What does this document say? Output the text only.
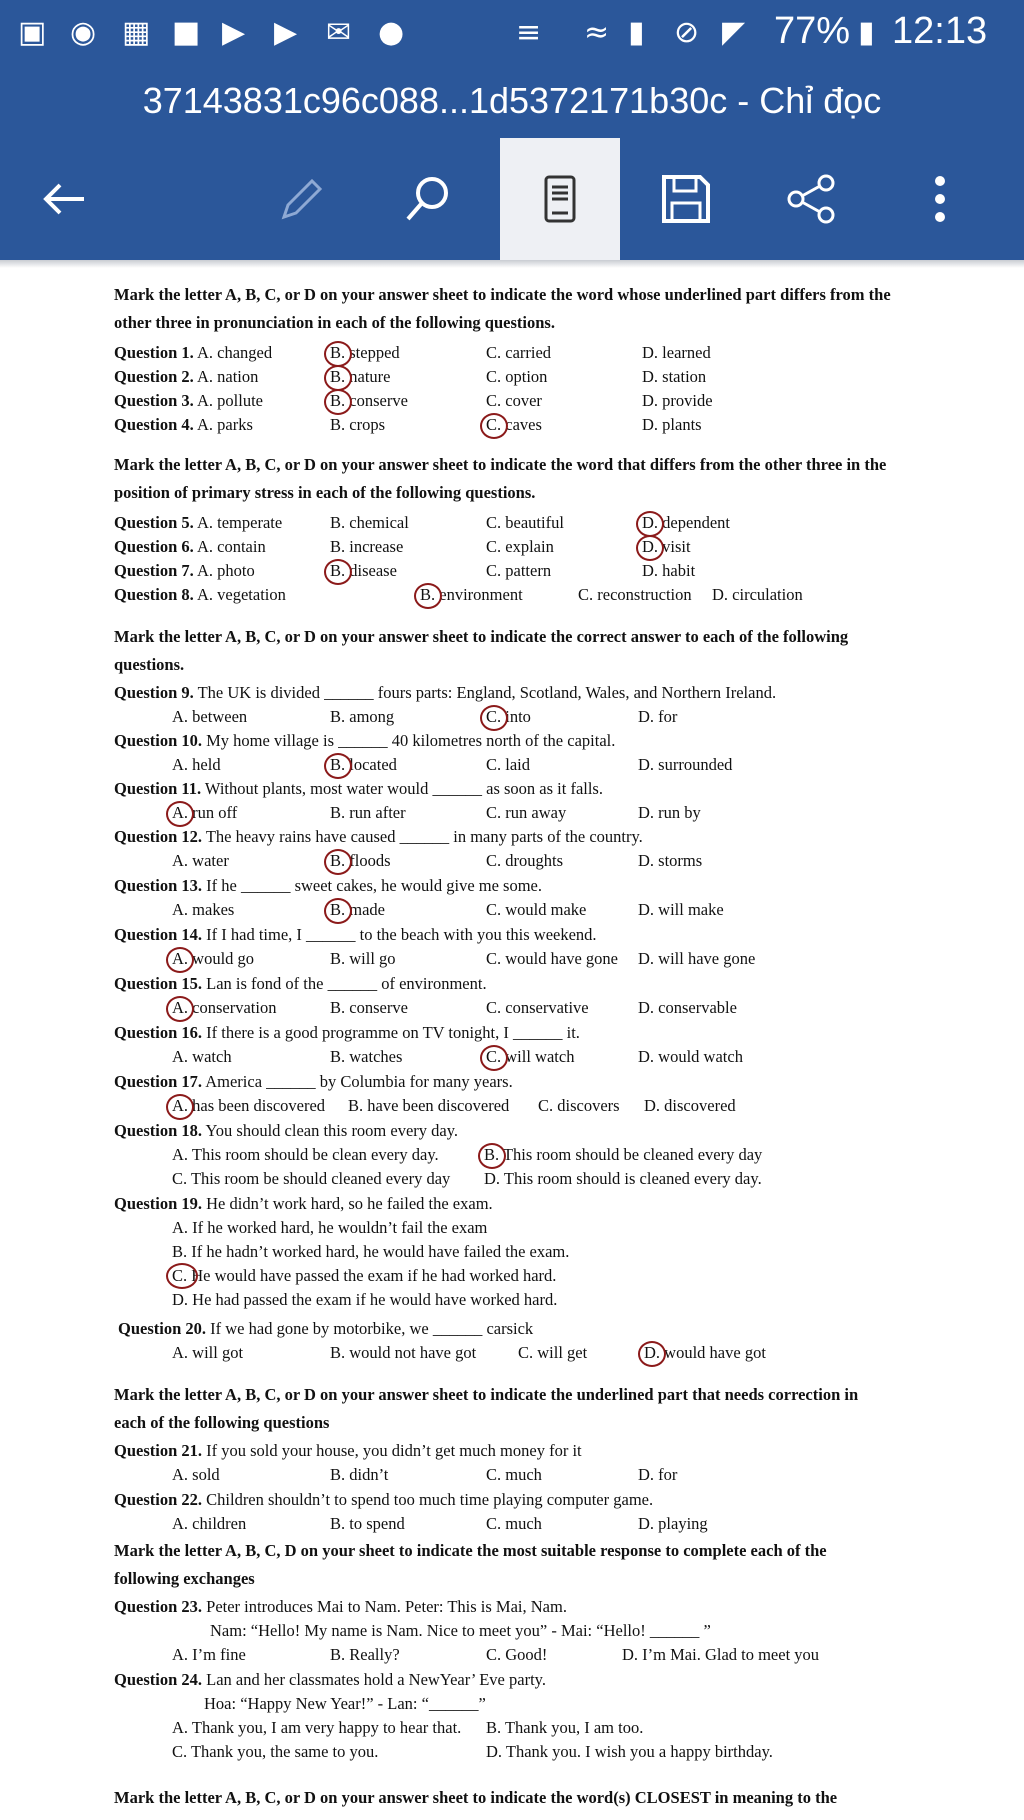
▣ ◉ ▦ ■ ▶ ▶ ✉ ●	≡ ≈ ▮ ⊘ ◤ 77% ▮ 12:13
37143831c96c088...1d5372171b30c - Chỉ đọc
Mark the letter A, B, C, or D on your answer sheet to indicate the word whose underlined part differs from the
other three in pronunciation in each of the following questions.
Question 1. A. changed	B. stepped	C. carried	D. learned
Question 2. A. nation	B. nature	C. option	D. station
Question 3. A. pollute	B. conserve	C. cover	D. provide
Question 4. A. parks	B. crops	C. caves	D. plants
Mark the letter A, B, C, or D on your answer sheet to indicate the word that differs from the other three in the
position of primary stress in each of the following questions.
Question 5. A. temperate	B. chemical	C. beautiful	D. dependent
Question 6. A. contain	B. increase	C. explain	D. visit
Question 7. A. photo	B. disease	C. pattern	D. habit
Question 8. A. vegetation	B. environment	C. reconstruction D. circulation
Mark the letter A, B, C, or D on your answer sheet to indicate the correct answer to each of the following
questions.
Question 9. The UK is divided ______ fours parts: England, Scotland, Wales, and Northern Ireland.
A. between	B. among	C. into	D. for
Question 10. My home village is ______ 40 kilometres north of the capital.
A. held	B. located	C. laid	D. surrounded
Question 11. Without plants, most water would ______ as soon as it falls.
A. run off	B. run after	C. run away	D. run by
Question 12. The heavy rains have caused ______ in many parts of the country.
A. water	B. floods	C. droughts	D. storms
Question 13. If he ______ sweet cakes, he would give me some.
A. makes	B. made	C. would make	D. will make
Question 14. If I had time, I ______ to the beach with you this weekend.
A. would go	B. will go	C. would have gone D. will have gone
Question 15. Lan is fond of the ______ of environment.
A. conservation	B. conserve	C. conservative	D. conservable
Question 16. If there is a good programme on TV tonight, I ______ it.
A. watch	B. watches	C. will watch	D. would watch
Question 17. America ______ by Columbia for many years.
A. has been discovered B. have been discovered C. discovers D. discovered
Question 18. You should clean this room every day.
A. This room should be clean every day.	B. This room should be cleaned every day
C. This room be should cleaned every day D. This room should is cleaned every day.
Question 19. He didn’t work hard, so he failed the exam.
A. If he worked hard, he wouldn’t fail the exam
B. If he hadn’t worked hard, he would have failed the exam.
C. He would have passed the exam if he had worked hard.
D. He had passed the exam if he would have worked hard.
Question 20. If we had gone by motorbike, we ______ carsick
A. will got	B. would not have got	C. will get	D. would have got
Mark the letter A, B, C, or D on your answer sheet to indicate the underlined part that needs correction in
each of the following questions
Question 21. If you sold your house, you didn’t get much money for it
A. sold	B. didn’t	C. much	D. for
Question 22. Children shouldn’t to spend too much time playing computer game.
A. children	B. to spend	C. much	D. playing
Mark the letter A, B, C, D on your sheet to indicate the most suitable response to complete each of the
following exchanges
Question 23. Peter introduces Mai to Nam. Peter: This is Mai, Nam.
Nam: “Hello! My name is Nam. Nice to meet you” - Mai: “Hello! ______ ”
A. I’m fine	B. Really?	C. Good!	D. I’m Mai. Glad to meet you
Question 24. Lan and her classmates hold a NewYear’ Eve party.
Hoa: “Happy New Year!” - Lan: “______”
A. Thank you, I am very happy to hear that. B. Thank you, I am too.
C. Thank you, the same to you.	D. Thank you. I wish you a happy birthday.
Mark the letter A, B, C, or D on your answer sheet to indicate the word(s) CLOSEST in meaning to the
